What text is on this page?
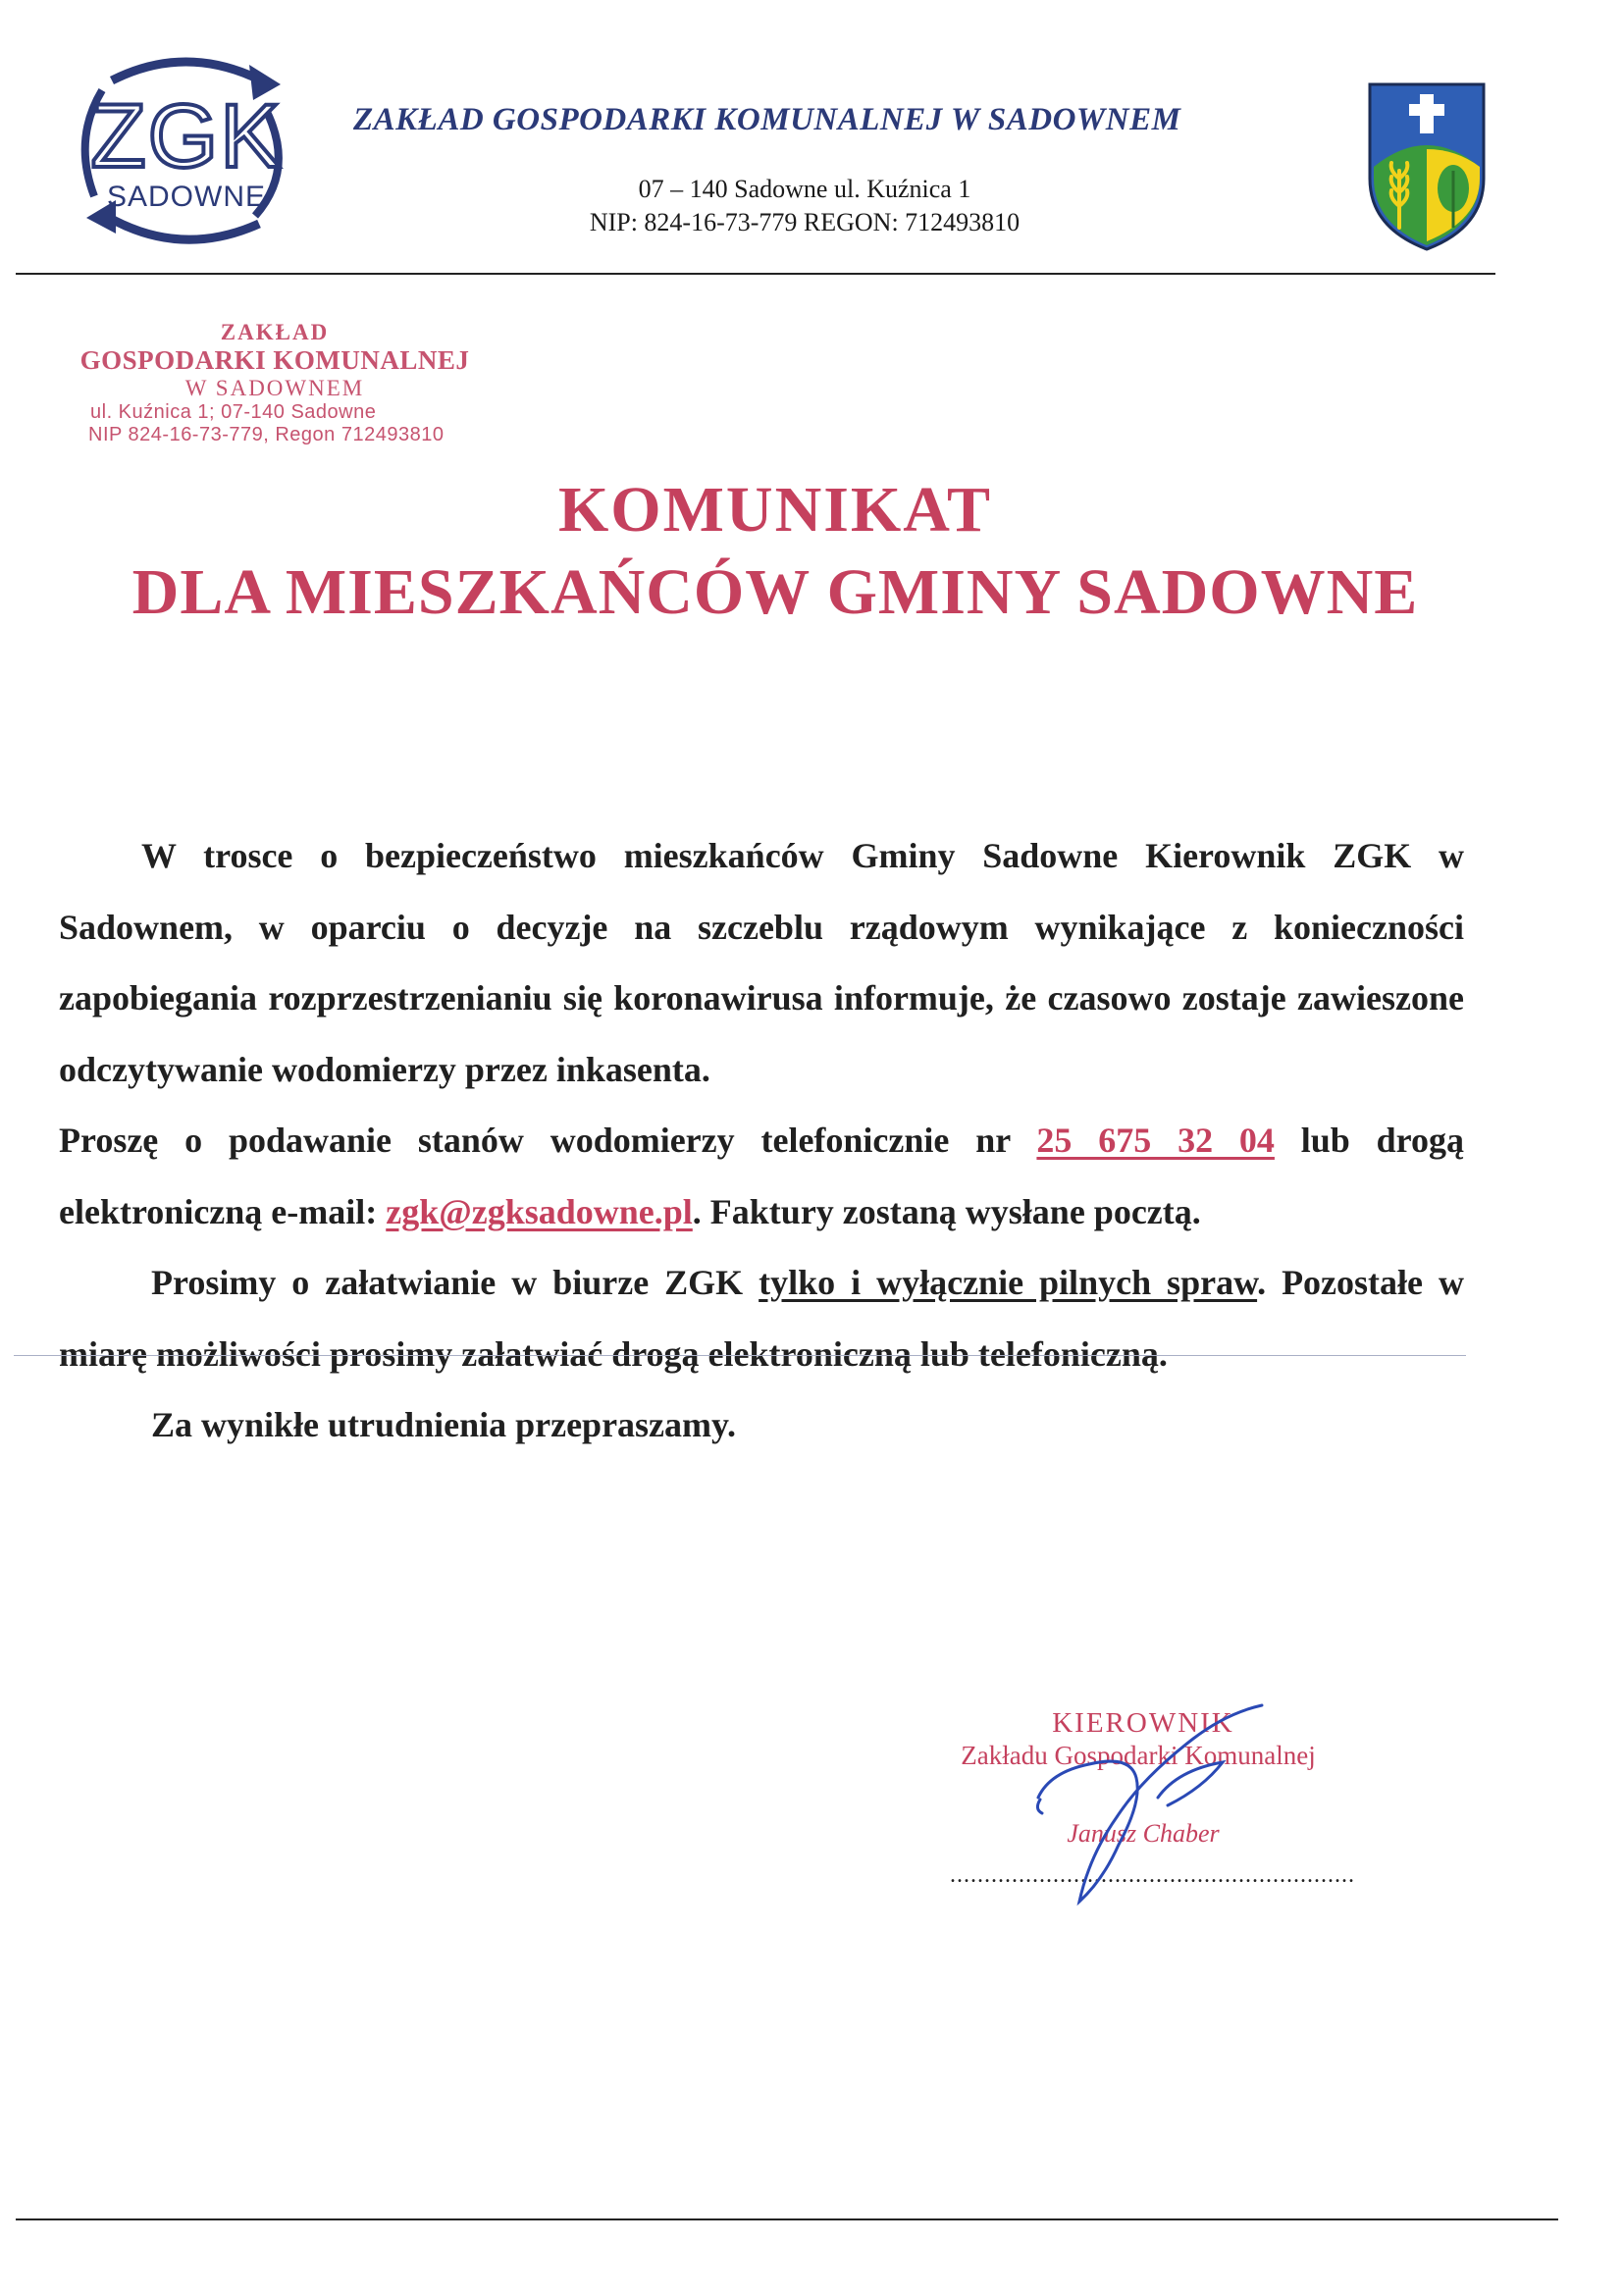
ZGK
SADOWNE
ZAKŁAD GOSPODARKI KOMUNALNEJ W SADOWNEM
07 – 140 Sadowne ul. Kuźnica 1
NIP: 824-16-73-779 REGON: 712493810
ZAKŁAD
GOSPODARKI KOMUNALNEJ
W SADOWNEM
ul. Kuźnica 1; 07-140 Sadowne
NIP 824-16-73-779, Regon 712493810
KOMUNIKAT
DLA MIESZKAŃCÓW GMINY SADOWNE

W trosce o bezpieczeństwo mieszkańców Gminy Sadowne Kierownik ZGK w Sadownem, w oparciu o decyzje na szczeblu rządowym wynikające z konieczności zapobiegania rozprzestrzenianiu się koronawirusa informuje, że czasowo zostaje zawieszone odczytywanie wodomierzy przez inkasenta.

Proszę o podawanie stanów wodomierzy telefonicznie nr 25 675 32 04 lub drogą elektroniczną e-mail: zgk@zgksadowne.pl. Faktury zostaną wysłane pocztą.

Prosimy o załatwianie w biurze ZGK tylko i wyłącznie pilnych spraw. Pozostałe w miarę możliwości prosimy załatwiać drogą elektroniczną lub telefoniczną.

Za wynikłe utrudnienia przepraszamy.

KIEROWNIK
Zakładu Gospodarki Komunalnej
Janusz Chaber
...........................................................
